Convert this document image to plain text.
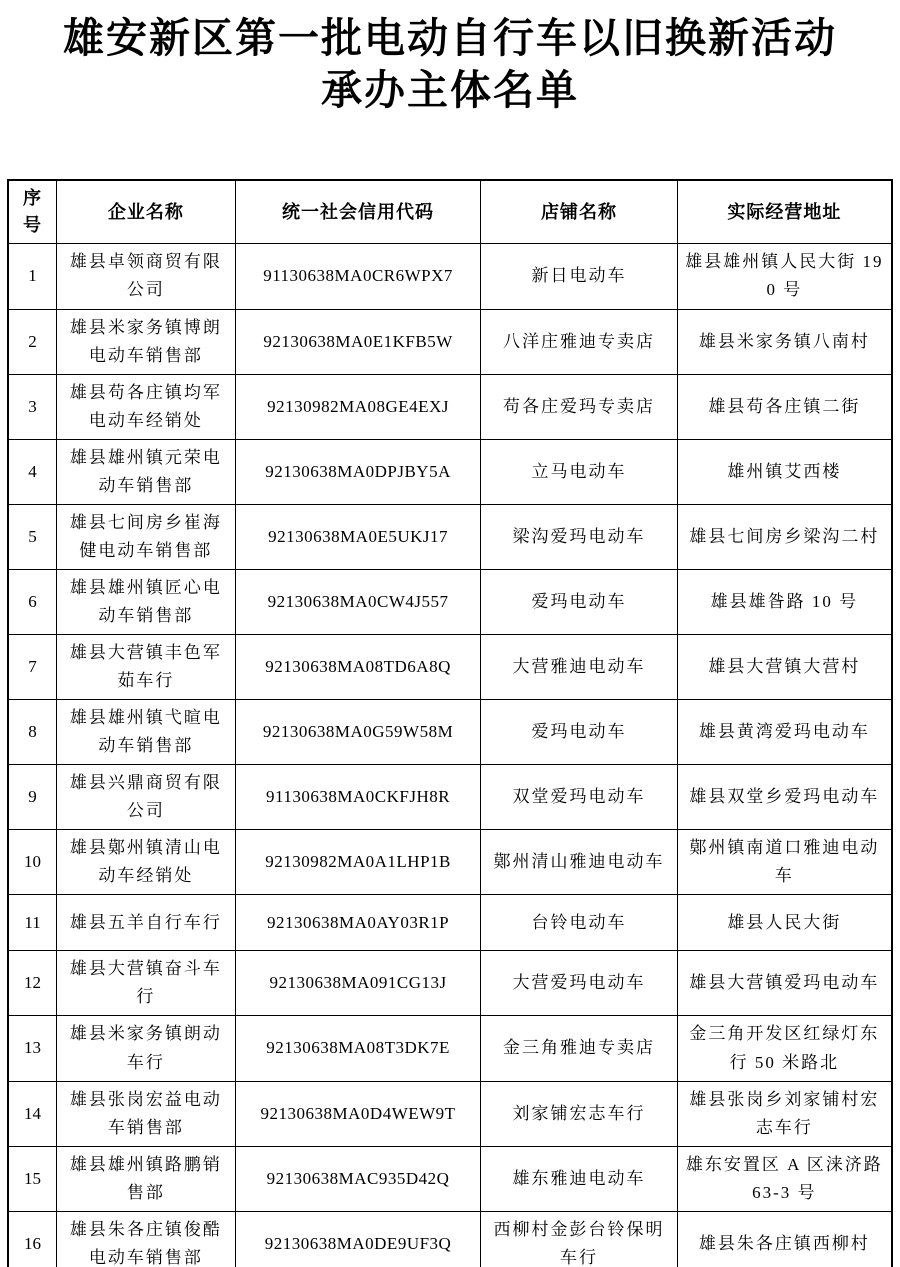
雄安新区第一批电动自行车以旧换新活动
承办主体名单
序号	企业名称	统一社会信用代码	店铺名称	实际经营地址
1	雄县卓领商贸有限公司	91130638MA0CR6WPX7	新日电动车	雄县雄州镇人民大街 190 号
2	雄县米家务镇博朗电动车销售部	92130638MA0E1KFB5W	八洋庄雅迪专卖店	雄县米家务镇八南村
3	雄县苟各庄镇均军电动车经销处	92130982MA08GE4EXJ	苟各庄爱玛专卖店	雄县苟各庄镇二街
4	雄县雄州镇元荣电动车销售部	92130638MA0DPJBY5A	立马电动车	雄州镇艾西楼
5	雄县七间房乡崔海健电动车销售部	92130638MA0E5UKJ17	梁沟爱玛电动车	雄县七间房乡梁沟二村
6	雄县雄州镇匠心电动车销售部	92130638MA0CW4J557	爱玛电动车	雄县雄昝路 10 号
7	雄县大营镇丰色军茹车行	92130638MA08TD6A8Q	大营雅迪电动车	雄县大营镇大营村
8	雄县雄州镇弋暄电动车销售部	92130638MA0G59W58M	爱玛电动车	雄县黄湾爱玛电动车
9	雄县兴鼎商贸有限公司	91130638MA0CKFJH8R	双堂爱玛电动车	雄县双堂乡爱玛电动车
10	雄县鄚州镇清山电动车经销处	92130982MA0A1LHP1B	鄚州清山雅迪电动车	鄚州镇南道口雅迪电动车
11	雄县五羊自行车行	92130638MA0AY03R1P	台铃电动车	雄县人民大街
12	雄县大营镇奋斗车行	92130638MA091CG13J	大营爱玛电动车	雄县大营镇爱玛电动车
13	雄县米家务镇朗动车行	92130638MA08T3DK7E	金三角雅迪专卖店	金三角开发区红绿灯东行 50 米路北
14	雄县张岗宏益电动车销售部	92130638MA0D4WEW9T	刘家铺宏志车行	雄县张岗乡刘家铺村宏志车行
15	雄县雄州镇路鹏销售部	92130638MAC935D42Q	雄东雅迪电动车	雄东安置区 A 区涞济路 63-3 号
16	雄县朱各庄镇俊酷电动车销售部	92130638MA0DE9UF3Q	西柳村金彭台铃保明车行	雄县朱各庄镇西柳村
